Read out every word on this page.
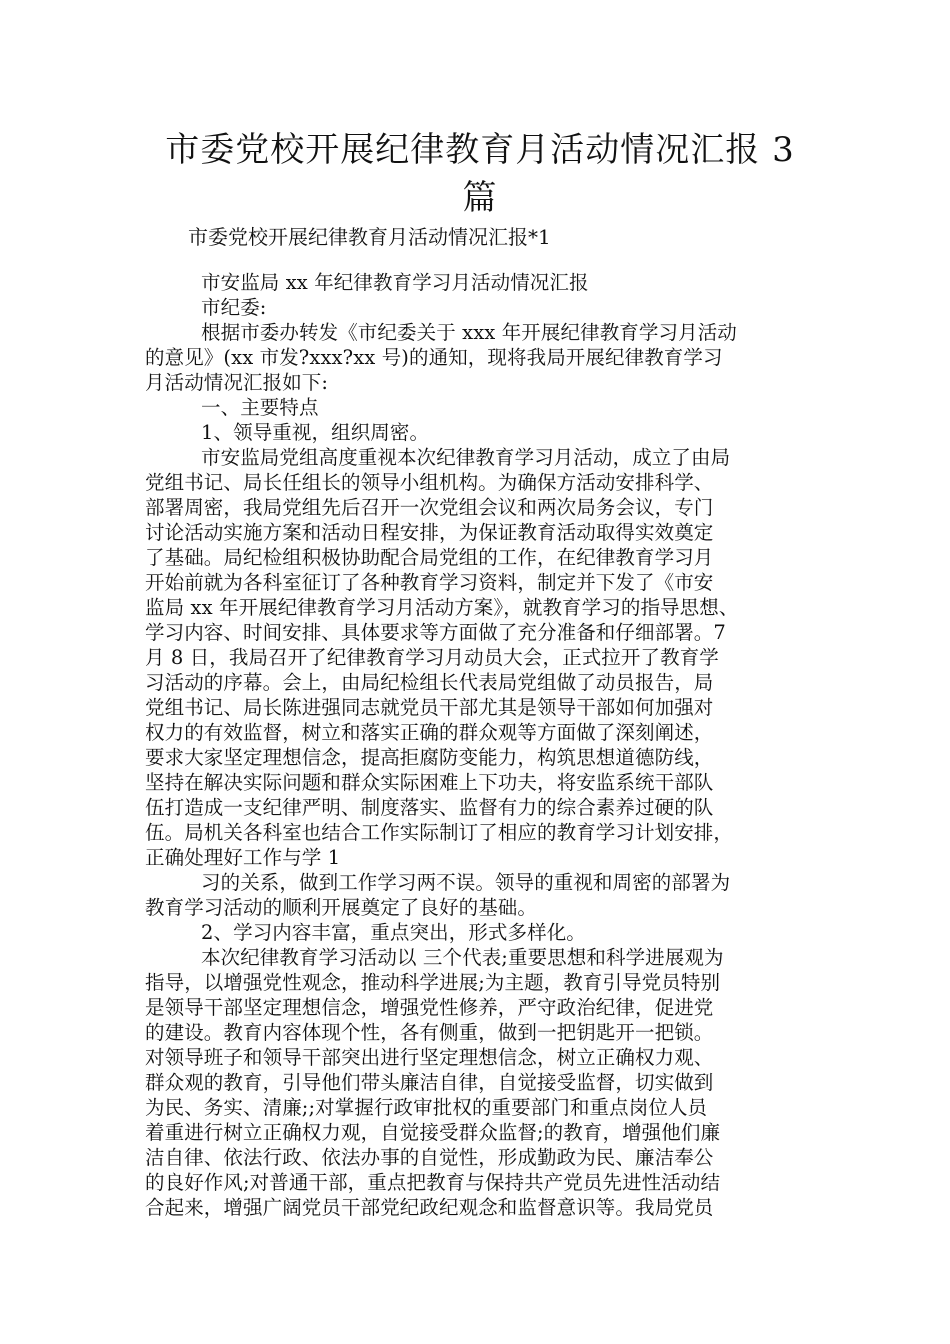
市委党校开展纪律教育月活动情况汇报 3
篇

市委党校开展纪律教育月活动情况汇报*1

市安监局 xx 年纪律教育学习月活动情况汇报
市纪委:
根据市委办转发《市纪委关于 xxx 年开展纪律教育学习月活动
的意见》(xx 市发?xxx?xx 号)的通知，现将我局开展纪律教育学习
月活动情况汇报如下:
一、主要特点
1、领导重视，组织周密。
市安监局党组高度重视本次纪律教育学习月活动，成立了由局
党组书记、局长任组长的领导小组机构。为确保方活动安排科学、
部署周密，我局党组先后召开一次党组会议和两次局务会议，专门
讨论活动实施方案和活动日程安排，为保证教育活动取得实效奠定
了基础。局纪检组积极协助配合局党组的工作，在纪律教育学习月
开始前就为各科室征订了各种教育学习资料，制定并下发了《市安
监局 xx 年开展纪律教育学习月活动方案》，就教育学习的指导思想、
学习内容、时间安排、具体要求等方面做了充分准备和仔细部署。7
月 8 日，我局召开了纪律教育学习月动员大会，正式拉开了教育学
习活动的序幕。会上，由局纪检组长代表局党组做了动员报告，局
党组书记、局长陈进强同志就党员干部尤其是领导干部如何加强对
权力的有效监督，树立和落实正确的群众观等方面做了深刻阐述，
要求大家坚定理想信念，提高拒腐防变能力，构筑思想道德防线，
坚持在解决实际问题和群众实际困难上下功夫，将安监系统干部队
伍打造成一支纪律严明、制度落实、监督有力的综合素养过硬的队
伍。局机关各科室也结合工作实际制订了相应的教育学习计划安排，
正确处理好工作与学 1
习的关系，做到工作学习两不误。领导的重视和周密的部署为
教育学习活动的顺利开展奠定了良好的基础。
2、学习内容丰富，重点突出，形式多样化。
本次纪律教育学习活动以 三个代表;重要思想和科学进展观为
指导，以增强党性观念，推动科学进展;为主题，教育引导党员特别
是领导干部坚定理想信念，增强党性修养，严守政治纪律，促进党
的建设。教育内容体现个性，各有侧重，做到一把钥匙开一把锁。
对领导班子和领导干部突出进行坚定理想信念，树立正确权力观、
群众观的教育，引导他们带头廉洁自律，自觉接受监督，切实做到
为民、务实、清廉;;对掌握行政审批权的重要部门和重点岗位人员
着重进行树立正确权力观，自觉接受群众监督;的教育，增强他们廉
洁自律、依法行政、依法办事的自觉性，形成勤政为民、廉洁奉公
的良好作风;对普通干部，重点把教育与保持共产党员先进性活动结
合起来，增强广阔党员干部党纪政纪观念和监督意识等。我局党员
